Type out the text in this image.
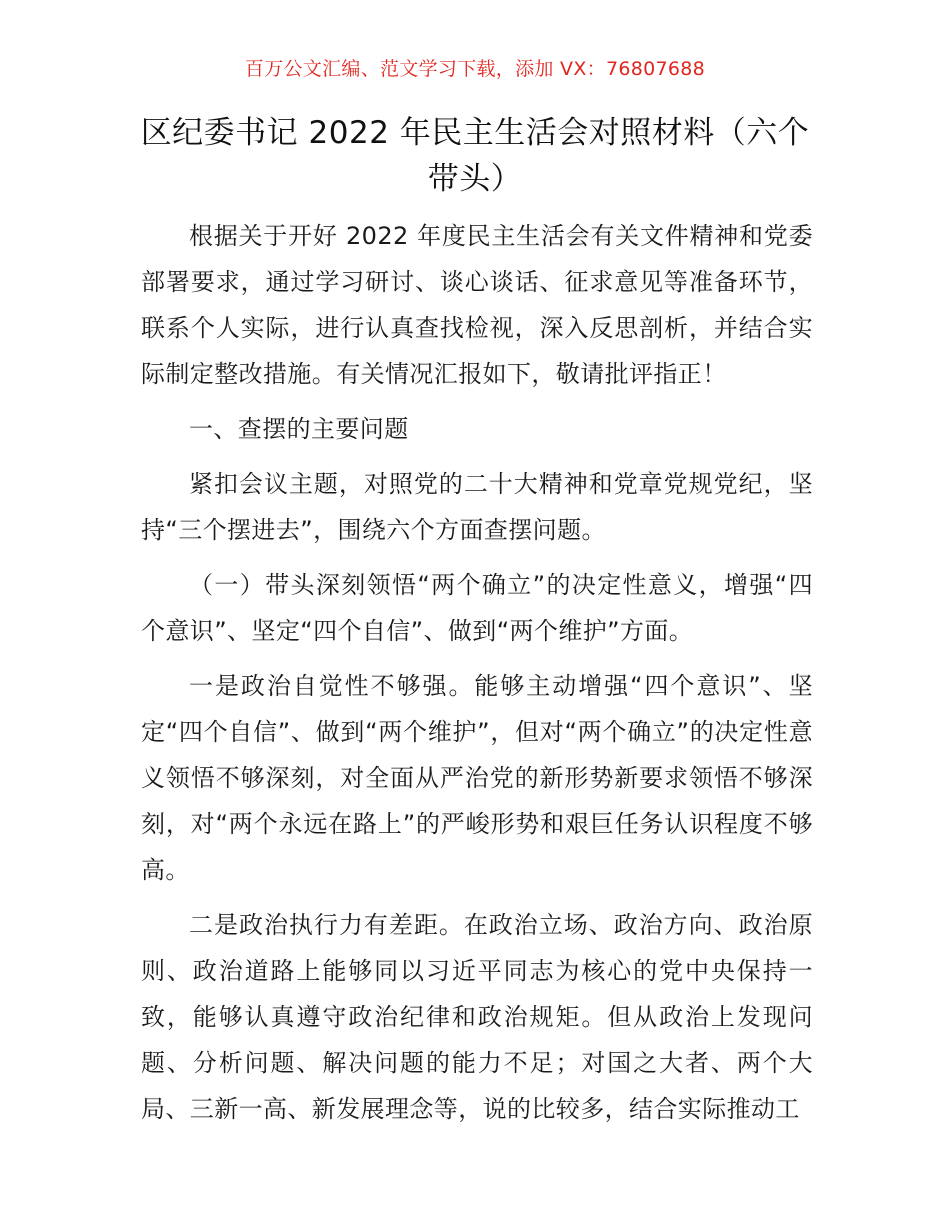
百万公文汇编、范文学习下载，添加 VX：76807688
区纪委书记 2022 年民主生活会对照材料（六个带头）

根据关于开好 2022 年度民主生活会有关文件精神和党委部署要求，通过学习研讨、谈心谈话、征求意见等准备环节，联系个人实际，进行认真查找检视，深入反思剖析，并结合实际制定整改措施。有关情况汇报如下，敬请批评指正！

一、查摆的主要问题

紧扣会议主题，对照党的二十大精神和党章党规党纪，坚持“三个摆进去”，围绕六个方面查摆问题。

（一）带头深刻领悟“两个确立”的决定性意义，增强“四个意识”、坚定“四个自信”、做到“两个维护”方面。

一是政治自觉性不够强。能够主动增强“四个意识”、坚定“四个自信”、做到“两个维护”，但对“两个确立”的决定性意义领悟不够深刻，对全面从严治党的新形势新要求领悟不够深刻，对“两个永远在路上”的严峻形势和艰巨任务认识程度不够高。

二是政治执行力有差距。在政治立场、政治方向、政治原则、政治道路上能够同以习近平同志为核心的党中央保持一致，能够认真遵守政治纪律和政治规矩。但从政治上发现问题、分析问题、解决问题的能力不足；对国之大者、两个大局、三新一高、新发展理念等，说的比较多，结合实际推动工
